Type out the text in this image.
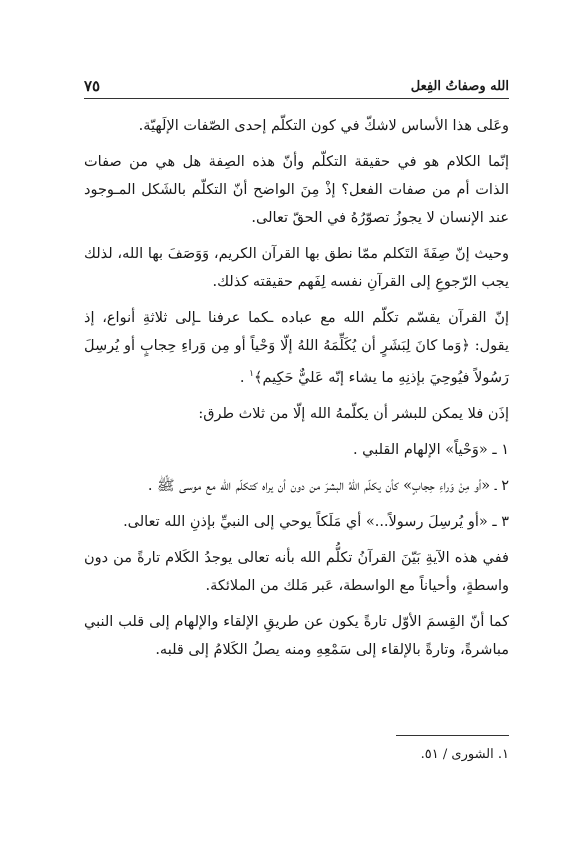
الله وصفاتُ الفِعل
٧٥

وعَلى هذا الأساس لاشكّ في كون التكلّم إحدى الصّفات الإلَهيّة.

إنّما الكلام هو في حقيقة التكلّم وأنّ هذه الصِفة هل هي من صفات الذات أم من صفات الفعل؟ إذْ مِنَ الواضح أنّ التكلّم بالشَكل المـوجود عند الإنسان لا يجوزُ تصوّرُهُ في الحقّ تعالى.

وحيث إنّ صِفَةَ التَكلم ممّا نطق بها القرآن الكريم، وَوَصَفَ بها الله، لذلك يجب الرّجوعِ إلى القرآنِ نفسه لِفَهم حقيقته كذلك.

إنّ القرآن يقسّم تكلّم الله مع عباده ـكما عرفنا ـإلى ثلاثةِ أنواع، إذ يقول: ﴿وَما كانَ لِبَشَرٍ أن يُكَلِّمَهُ اللهُ إلّا وَحْياً أو مِن وَراءِ حِجابٍ أو يُرسِلَ رَسُولاً فيُوحِيَ بإذنِهِ ما يشاء إنّه عَليٌّ حَكِيم﴾$^١$ .

إذَن فلا يمكن للبشر أن يكلّمهُ الله إلّا من ثلاث طرق:

١ ـ «وَحْياً» الإلهام القلبي .

٢ ـ «أو مِنْ وَراءِ حِجابٍ» كأن يكلّم اللهُ البشرَ من دون أن يراه كتكلّم الله مع موسى ﷺ .

٣ ـ «أو يُرسِلَ رسولاً...» أي مَلَكاً يوحي إلى النبيِّ بإذنِ الله تعالى.

ففي هذه الآيةِ بَيّنَ القرآنُ تكلُّم الله بأنه تعالى يوجدُ الكَلام تارةً من دون واسطةٍ، وأحياناً مع الواسطة، عَبر مَلك من الملائكة.

كما أنّ القِسمَ الأوّل تارةً يكون عن طريقِ الإلقاء والإلهام إلى قلب النبي مباشرةً، وتارةً بالإلقاء إلى سَمْعِهِ ومنه يصلُ الكَلامُ إلى قلبه.

١. الشورى / ٥١.
